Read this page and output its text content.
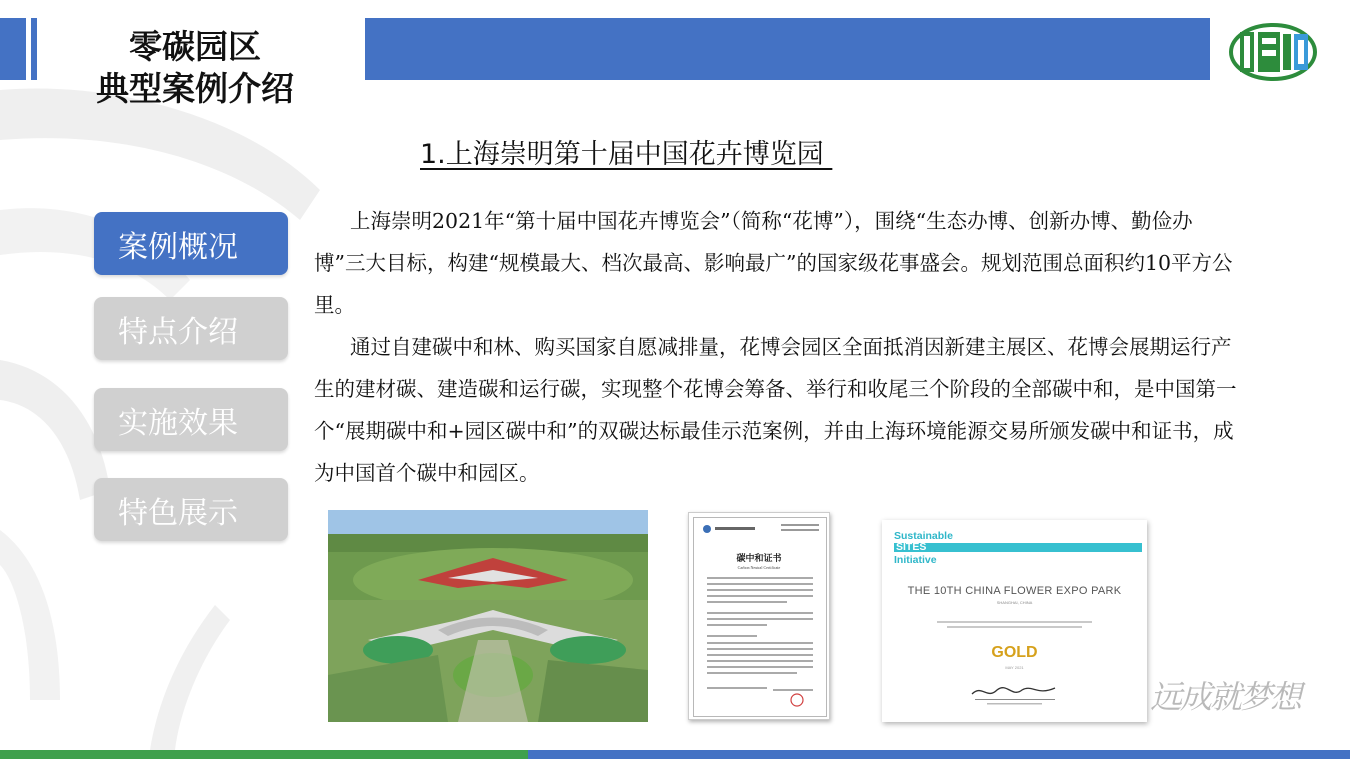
零碳园区
典型案例介绍
1.上海崇明第十届中国花卉博览园
案例概况
特点介绍
实施效果
特色展示

上海崇明2021年“第十届中国花卉博览会”（简称“花博”），围绕“生态办博、创新办博、勤俭办博”三大目标，构建“规模最大、档次最高、影响最广”的国家级花事盛会。规划范围总面积约10平方公里。

通过自建碳中和林、购买国家自愿减排量，花博会园区全面抵消因新建主展区、花博会展期运行产生的建材碳、建造碳和运行碳，实现整个花博会筹备、举行和收尾三个阶段的全部碳中和，是中国第一个“展期碳中和+园区碳中和”的双碳达标最佳示范案例，并由上海环境能源交易所颁发碳中和证书，成为中国首个碳中和园区。

碳中和证书
Carbon Neutral Certificate
Sustainable
SITES
Initiative
THE 10TH CHINA FLOWER EXPO PARK
SHANGHAI, CHINA
GOLD
MAY 2021
远成就梦想
